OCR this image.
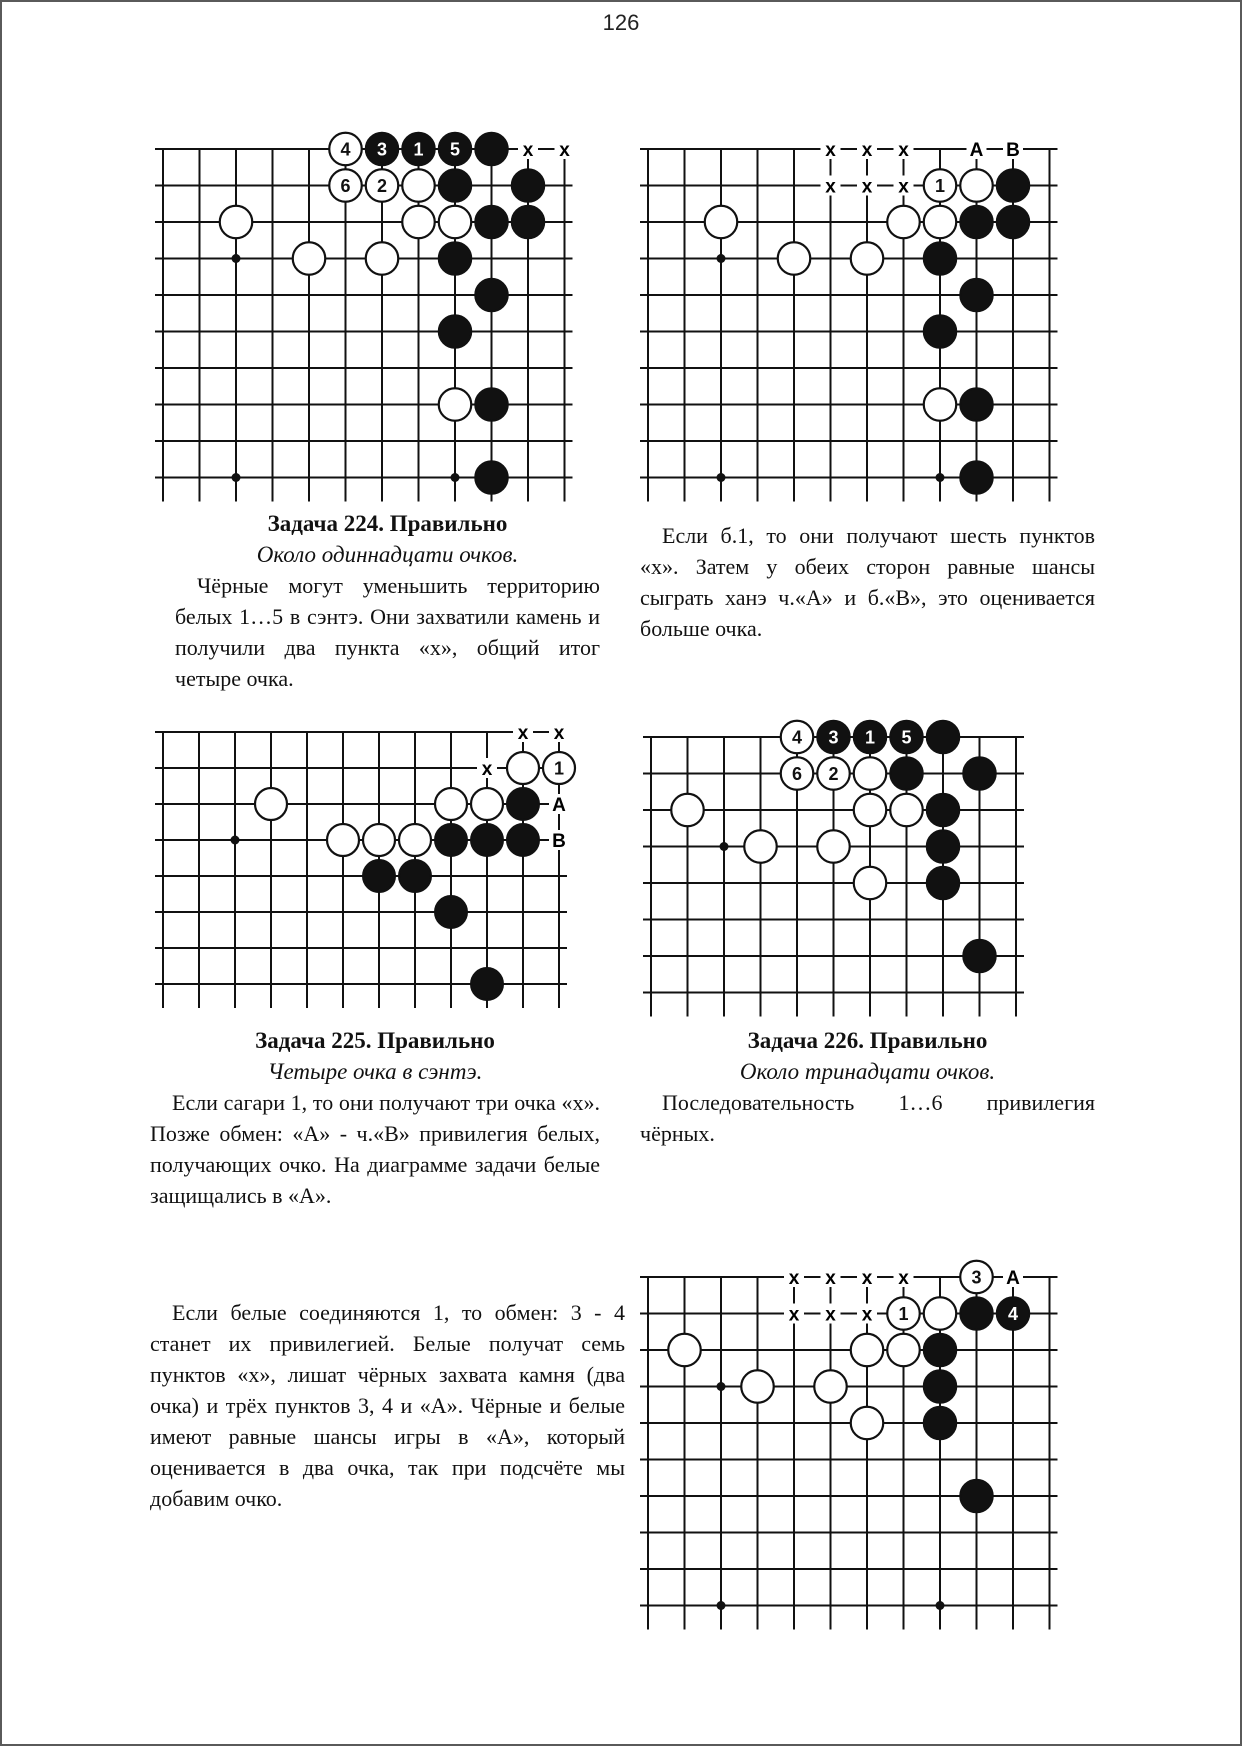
126
x x
4 3 1 5
6 2
x x x	A B
x x x 1
x x
x
A
B
1
4 3 1 5
6 2
x x x x	A
x x x
3
1	4
Задача 224. Правильно
Около одиннадцати очков.
Чёрные могут уменьшить территорию белых 1…5 в сэнтэ. Они захватили камень и получили два пункта «х», общий итог четыре очка.
Если б.1, то они получают шесть пунктов «х». Затем у обеих сторон равные шансы сыграть ханэ ч.«А» и б.«В», это оценивается больше очка.
Задача 225. Правильно
Четыре очка в сэнтэ.
Если сагари 1, то они получают три очка «х». Позже обмен: «А» - ч.«В» привилегия белых, получающих очко. На диаграмме задачи белые защищались в «А».
Задача 226. Правильно
Около тринадцати очков.
Последовательность 1…6 привилегия чёрных.
Если белые соединяются 1, то обмен: 3 - 4 станет их привилегией. Белые получат семь пунктов «х», лишат чёрных захвата камня (два очка) и трёх пунктов 3, 4 и «А». Чёрные и белые имеют равные шансы игры в «А», который оценивается в два очка, так при подсчёте мы добавим очко.
